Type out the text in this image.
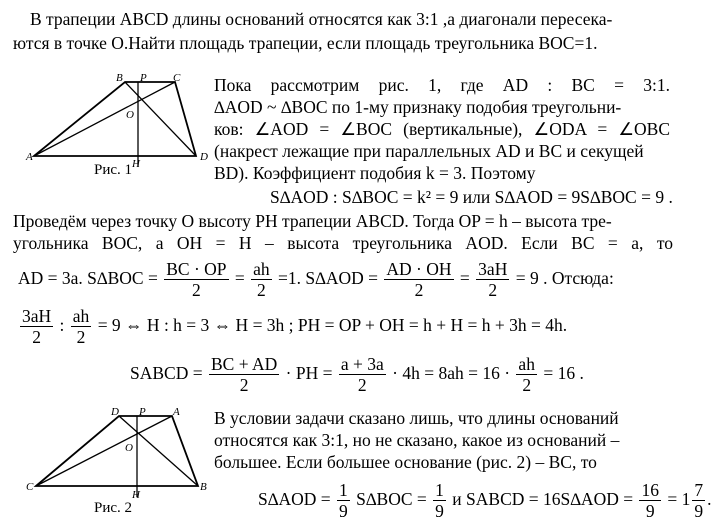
В трапеции ABCD длины оснований относятся как 3:1 ,а диагонали пересека-
ются в точке O.Найти площадь трапеции, если площадь треугольника BOC=1.
A
B P C
D
O
H
Рис. 1
Пока рассмотрим рис. 1, где AD : BC = 3:1.
∆AOD ~ ∆BOC по 1-му признаку подобия треугольни-
ков: ∠AOD = ∠BOC (вертикальные), ∠ODA = ∠OBC
(накрест лежащие при параллельных AD и BC и секущей
BD). Коэффициент подобия k = 3. Поэтому
S∆AOD : S∆BOC = k² = 9 или S∆AOD = 9S∆BOC = 9 .
Проведём через точку O высоту PH трапеции ABCD. Тогда OP = h – высота тре-
угольника BOC, а OH = H – высота треугольника AOD. Если BC = a, то
AD = 3a. $S\Delta BOC = \frac{BC \cdot OP}{2} = \frac{ah}{2} =1$. $S\Delta AOD = \frac{AD \cdot OH}{2} = \frac{3aH}{2} = 9$ . Отсюда:
$\frac{3aH}{2}$ : $\frac{ah}{2} = 9$ ⇔ H : h = 3 ⇔ H = 3h ; PH = OP + OH = h + H = h + 3h = 4h.
SABCD = $\frac{BC + AD}{2}$ · PH = $\frac{a + 3a}{2} \cdot 4h = 8ah = 16 \cdot \frac{ah}{2} = 16$ .
C
D P A
B
O
H
Рис. 2
В условии задачи сказано лишь, что длины оснований
относятся как 3:1, но не сказано, какое из оснований –
большее. Если большее основание (рис. 2) – BC, то
$S\Delta AOD = \frac{1}{9} S\Delta BOC = \frac{1}{9}$ и SABCD = $16S\Delta AOD = \frac{16}{9} = 1 \frac{7}{9}$
